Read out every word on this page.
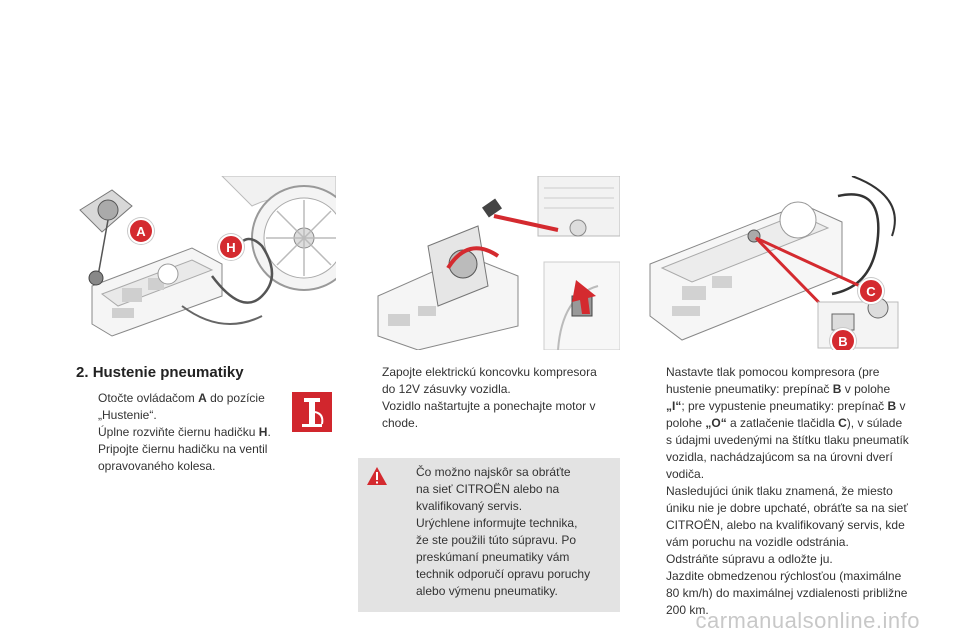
A
H
C
B
2. Hustenie pneumatiky
Otočte ovládačom A do pozície „Hustenie“.
Úplne rozviňte čiernu hadičku H.
Pripojte čiernu hadičku na ventil opravovaného kolesa.
Zapojte elektrickú koncovku kompresora do 12V zásuvky vozidla.
Vozidlo naštartujte a ponechajte motor v chode.
Čo možno najskôr sa obráťte
na sieť CITROËN alebo na
kvalifikovaný servis.
Urýchlene informujte technika,
že ste použili túto súpravu. Po
preskúmaní pneumatiky vám
technik odporučí opravu poruchy
alebo výmenu pneumatiky.
Nastavte tlak pomocou kompresora (pre
hustenie pneumatiky: prepínač B v polohe
„I“; pre vypustenie pneumatiky: prepínač B v
polohe „O“ a zatlačenie tlačidla C), v súlade
s údajmi uvedenými na štítku tlaku pneumatík
vozidla, nachádzajúcom sa na úrovni dverí
vodiča.
Nasledujúci únik tlaku znamená, že miesto
úniku nie je dobre upchaté, obráťte sa na sieť
CITROËN, alebo na kvalifikovaný servis, kde
vám poruchu na vozidle odstránia.
Odstráňte súpravu a odložte ju.
Jazdite obmedzenou rýchlosťou (maximálne
80 km/h) do maximálnej vzdialenosti približne
200 km.
carmanualsonline.info
